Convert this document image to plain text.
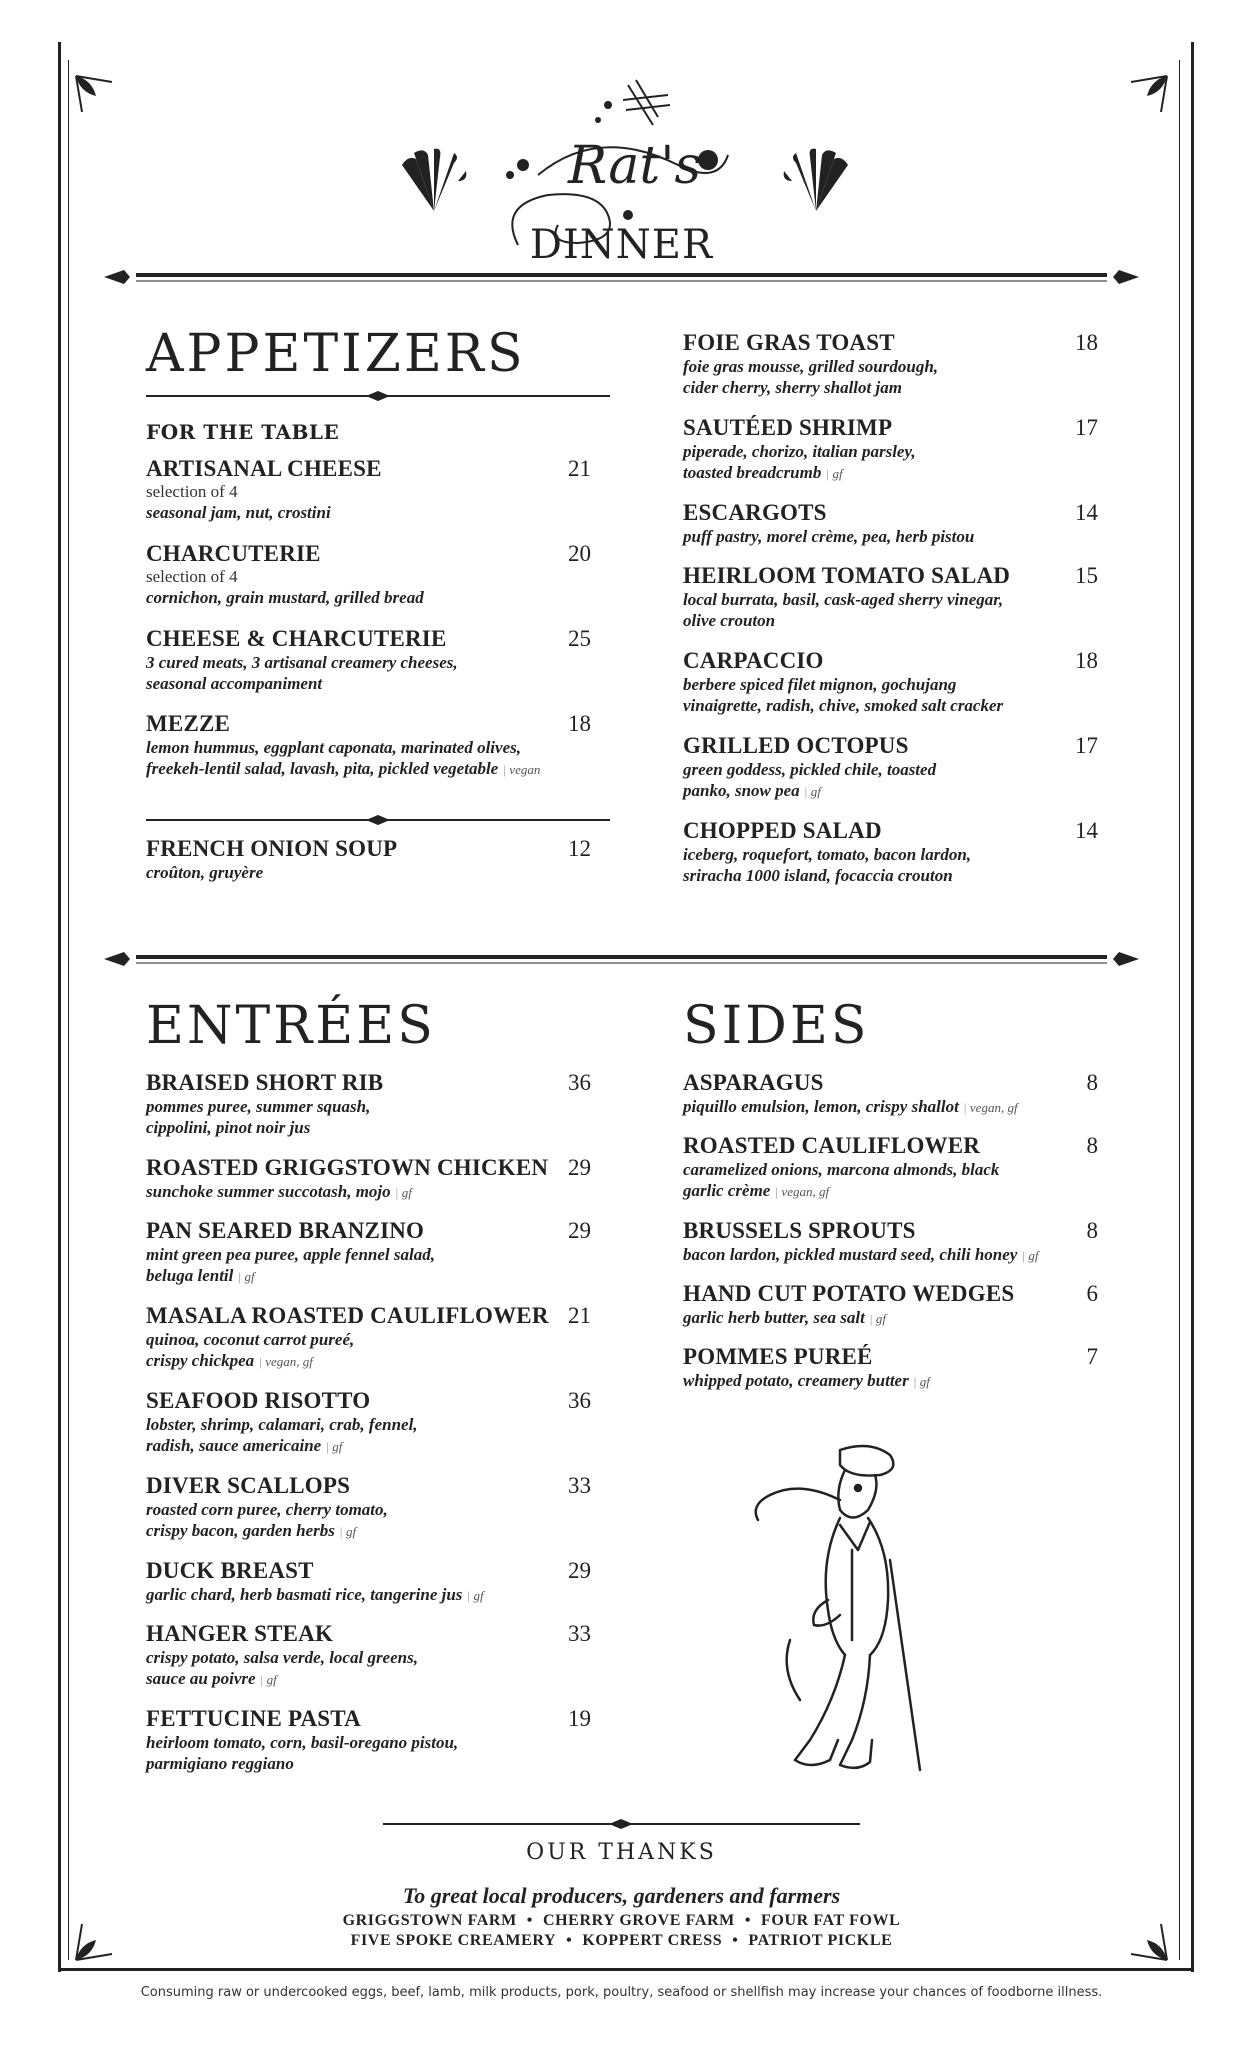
Rat's
DINNER
APPETIZERS
FOR THE TABLE
ARTISANAL CHEESE	21
selection of 4
seasonal jam, nut, crostini
CHARCUTERIE	20
selection of 4
cornichon, grain mustard, grilled bread
CHEESE & CHARCUTERIE	25
3 cured meats, 3 artisanal creamery cheeses,
seasonal accompaniment
MEZZE	18
lemon hummus, eggplant caponata, marinated olives,
freekeh-lentil salad, lavash, pita, pickled vegetable | vegan
FRENCH ONION SOUP	12
croûton, gruyère
FOIE GRAS TOAST	18
foie gras mousse, grilled sourdough,
cider cherry, sherry shallot jam
SAUTÉED SHRIMP	17
piperade, chorizo, italian parsley,
toasted breadcrumb | gf
ESCARGOTS	14
puff pastry, morel crème, pea, herb pistou
HEIRLOOM TOMATO SALAD	15
local burrata, basil, cask-aged sherry vinegar,
olive crouton
CARPACCIO	18
berbere spiced filet mignon, gochujang
vinaigrette, radish, chive, smoked salt cracker
GRILLED OCTOPUS	17
green goddess, pickled chile, toasted
panko, snow pea | gf
CHOPPED SALAD	14
iceberg, roquefort, tomato, bacon lardon,
sriracha 1000 island, focaccia crouton
ENTRÉES
BRAISED SHORT RIB	36
pommes puree, summer squash,
cippolini, pinot noir jus
ROASTED GRIGGSTOWN CHICKEN 29
sunchoke summer succotash, mojo | gf
PAN SEARED BRANZINO	29
mint green pea puree, apple fennel salad,
beluga lentil | gf
MASALA ROASTED CAULIFLOWER 21
quinoa, coconut carrot pureé,
crispy chickpea | vegan, gf
SEAFOOD RISOTTO	36
lobster, shrimp, calamari, crab, fennel,
radish, sauce americaine | gf
DIVER SCALLOPS	33
roasted corn puree, cherry tomato,
crispy bacon, garden herbs | gf
DUCK BREAST	29
garlic chard, herb basmati rice, tangerine jus | gf
HANGER STEAK	33
crispy potato, salsa verde, local greens,
sauce au poivre | gf
FETTUCINE PASTA	19
heirloom tomato, corn, basil-oregano pistou,
parmigiano reggiano
SIDES
ASPARAGUS	8
piquillo emulsion, lemon, crispy shallot | vegan, gf
ROASTED CAULIFLOWER	8
caramelized onions, marcona almonds, black
garlic crème | vegan, gf
BRUSSELS SPROUTS	8
bacon lardon, pickled mustard seed, chili honey | gf
HAND CUT POTATO WEDGES	6
garlic herb butter, sea salt | gf
POMMES PUREÉ	7
whipped potato, creamery butter | gf
OUR THANKS
To great local producers, gardeners and farmers
GRIGGSTOWN FARM • CHERRY GROVE FARM • FOUR FAT FOWL
FIVE SPOKE CREAMERY • KOPPERT CRESS • PATRIOT PICKLE
Consuming raw or undercooked eggs, beef, lamb, milk products, pork, poultry, seafood or shellfish may increase your chances of foodborne illness.
